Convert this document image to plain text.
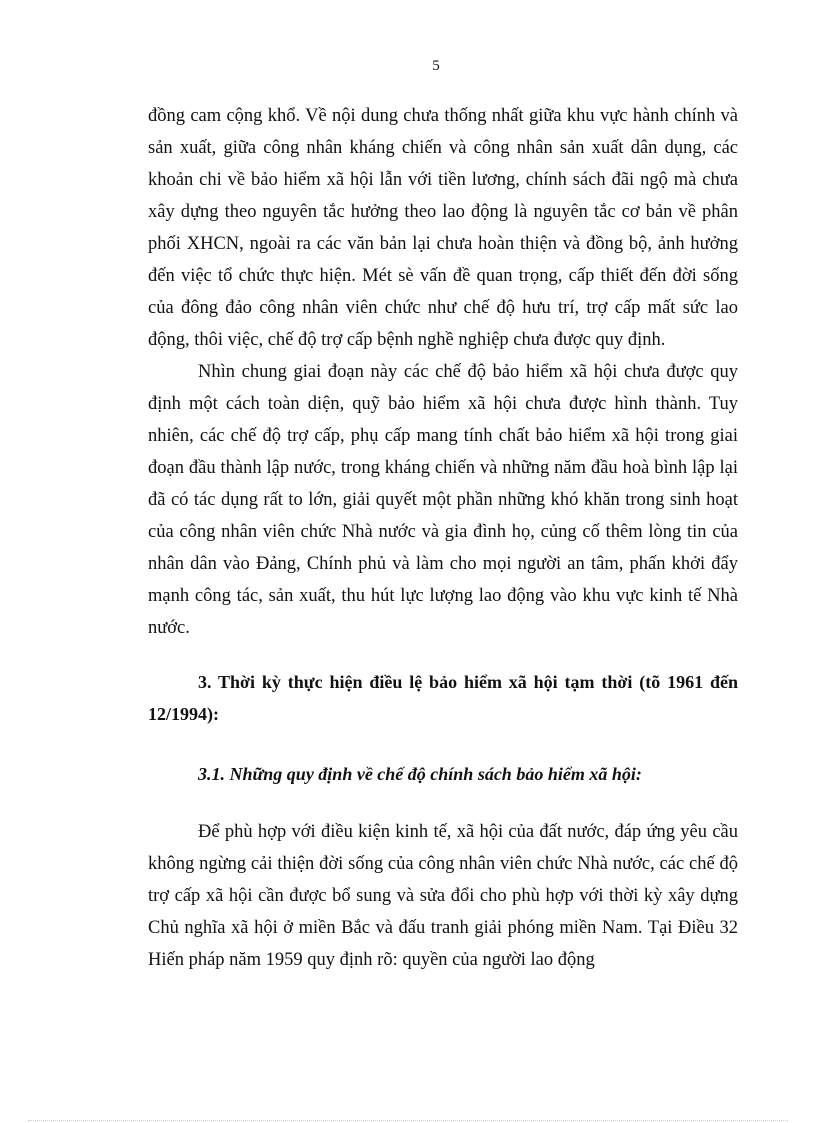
5

đồng cam cộng khổ. Về nội dung chưa thống nhất giữa khu vực hành chính và sản xuất, giữa công nhân kháng chiến và công nhân sản xuất dân dụng, các khoản chi về bảo hiểm xã hội lẫn với tiền lương, chính sách đãi ngộ mà chưa xây dựng theo nguyên tắc hưởng theo lao động là nguyên tắc cơ bản về phân phối XHCN, ngoài ra các văn bản lại chưa hoàn thiện và đồng bộ, ảnh hưởng đến việc tổ chức thực hiện. Mét sè vấn đề quan trọng, cấp thiết đến đời sống của đông đảo công nhân viên chức như chế độ hưu trí, trợ cấp mất sức lao động, thôi việc, chế độ trợ cấp bệnh nghề nghiệp chưa được quy định.

Nhìn chung giai đoạn này các chế độ bảo hiểm xã hội chưa được quy định một cách toàn diện, quỹ bảo hiểm xã hội chưa được hình thành. Tuy nhiên, các chế độ trợ cấp, phụ cấp mang tính chất bảo hiểm xã hội trong giai đoạn đầu thành lập nước, trong kháng chiến và những năm đầu hoà bình lập lại đã có tác dụng rất to lớn, giải quyết một phần những khó khăn trong sinh hoạt của công nhân viên chức Nhà nước và gia đình họ, củng cố thêm lòng tin của nhân dân vào Đảng, Chính phủ và làm cho mọi người an tâm, phấn khởi đẩy mạnh công tác, sản xuất, thu hút lực lượng lao động vào khu vực kinh tế Nhà nước.

3. Thời kỳ thực hiện điều lệ bảo hiểm xã hội tạm thời (tõ 1961 đến 12/1994):
3.1. Những quy định về chế độ chính sách bảo hiểm xã hội:

Để phù hợp với điều kiện kinh tế, xã hội của đất nước, đáp ứng yêu cầu không ngừng cải thiện đời sống của công nhân viên chức Nhà nước, các chế độ trợ cấp xã hội cần được bổ sung và sửa đổi cho phù hợp với thời kỳ xây dựng Chủ nghĩa xã hội ở miền Bắc và đấu tranh giải phóng miền Nam. Tại Điều 32 Hiến pháp năm 1959 quy định rõ: quyền của người lao động
